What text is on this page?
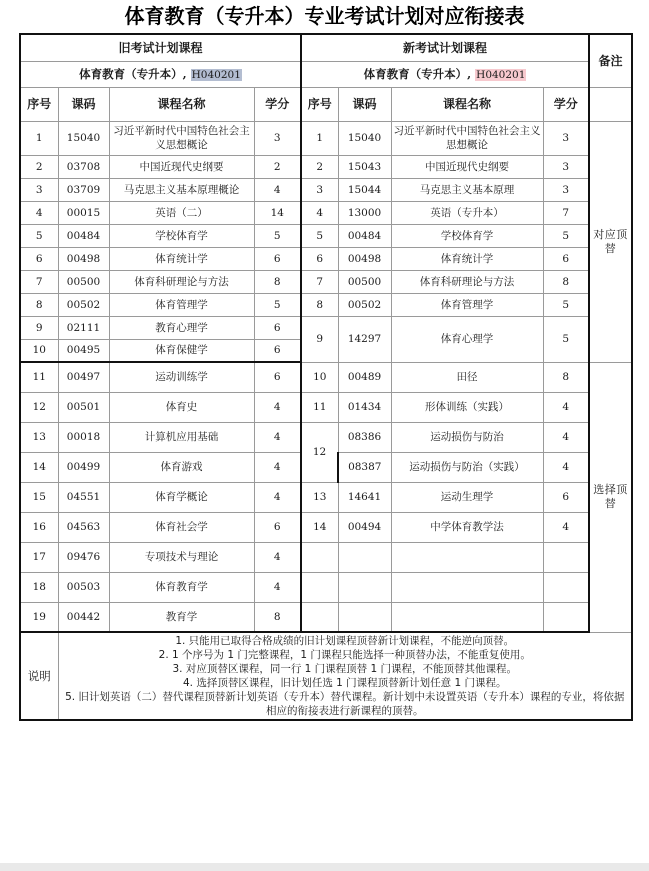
体育教育（专升本）专业考试计划对应衔接表
旧考试计划课程				新考试计划课程				备注
体育教育（专升本）, H040201				体育教育（专升本）, H040201				
序号	课码	课程名称	学分	序号	课码	课程名称	学分	
1	15040	习近平新时代中国特色社会主义思想概论	3	1	15040	习近平新时代中国特色社会主义思想概论	3	对应顶替
2	03708	中国近现代史纲要	2	2	15043	中国近现代史纲要	3	
3	03709	马克思主义基本原理概论	4	3	15044	马克思主义基本原理	3	
4	00015	英语（二）	14	4	13000	英语（专升本）	7	
5	00484	学校体育学	5	5	00484	学校体育学	5	
6	00498	体育统计学	6	6	00498	体育统计学	6	
7	00500	体育科研理论与方法	8	7	00500	体育科研理论与方法	8	
8	00502	体育管理学	5	8	00502	体育管理学	5	
9	02111	教育心理学	6	9	14297	体育心理学	5	
10	00495	体育保健学	6					
11	00497	运动训练学	6	10	00489	田径	8	选择顶替
12	00501	体育史	4	11	01434	形体训练（实践）	4	
13	00018	计算机应用基础	4	12	08386	运动损伤与防治	4	
14	00499	体育游戏	4		08387	运动损伤与防治（实践）	4	
15	04551	体育学概论	4	13	14641	运动生理学	6	
16	04563	体育社会学	6	14	00494	中学体育教学法	4	
17	09476	专项技术与理论	4					
18	00503	体育教育学	4					
19	00442	教育学	8					
说明	1. 只能用已取得合格成绩的旧计划课程顶替新计划课程，不能逆向顶替。
2. 1 个序号为 1 门完整课程，1 门课程只能选择一种顶替办法，不能重复使用。
3. 对应顶替区课程，同一行 1 门课程顶替 1 门课程，不能顶替其他课程。
4. 选择顶替区课程，旧计划任选 1 门课程顶替新计划任意 1 门课程。
5. 旧计划英语（二）替代课程顶替新计划英语（专升本）替代课程。新计划中未设置英语（专升本）课程的专业，将依据相应的衔接表进行新课程的顶替。							
